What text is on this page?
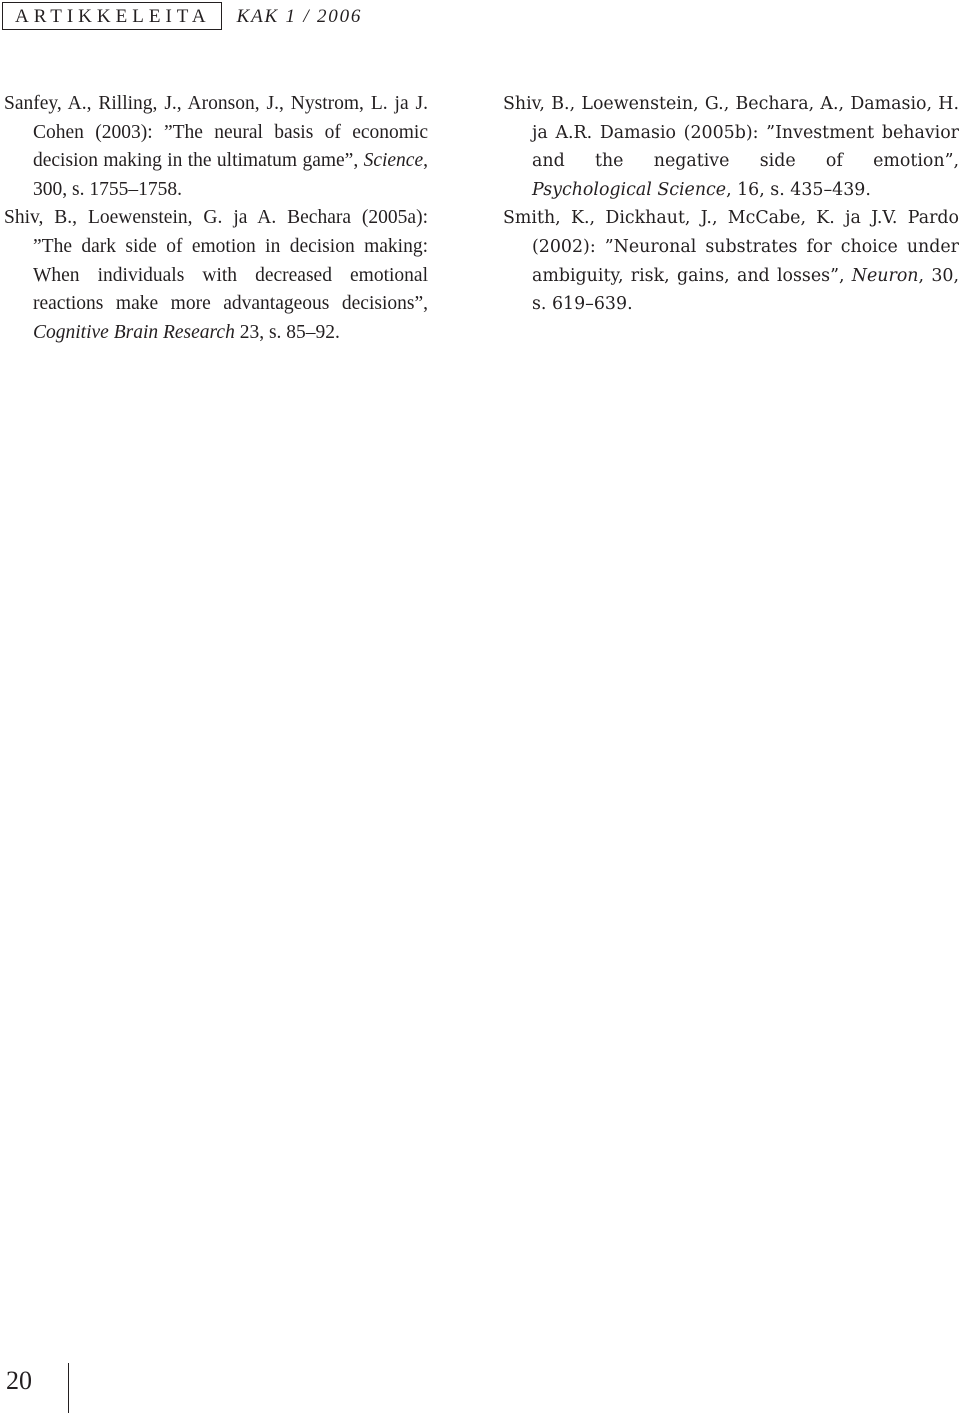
ARTIKKELEITA	KAK 1 / 2006

Sanfey, A., Rilling, J., Aronson, J., Nystrom, L. ja J. Cohen (2003): ”The neural basis of economic decision making in the ultimatum game”, Science, 300, s. 1755–1758.

Shiv, B., Loewenstein, G. ja A. Bechara (2005a): ”The dark side of emotion in decision making: When individuals with decreased emotional reactions make more advantageous decisions”, Cognitive Brain Research 23, s. 85–92.

Shiv, B., Loewenstein, G., Bechara, A., Damasio, H. ja A.R. Damasio (2005b): ”Investment behavior and the negative side of emotion”, Psychological Science, 16, s. 435–439.

Smith, K., Dickhaut, J., McCabe, K. ja J.V. Pardo (2002): ”Neuronal substrates for choice under ambiguity, risk, gains, and losses”, Neuron, 30, s. 619–639.

20
